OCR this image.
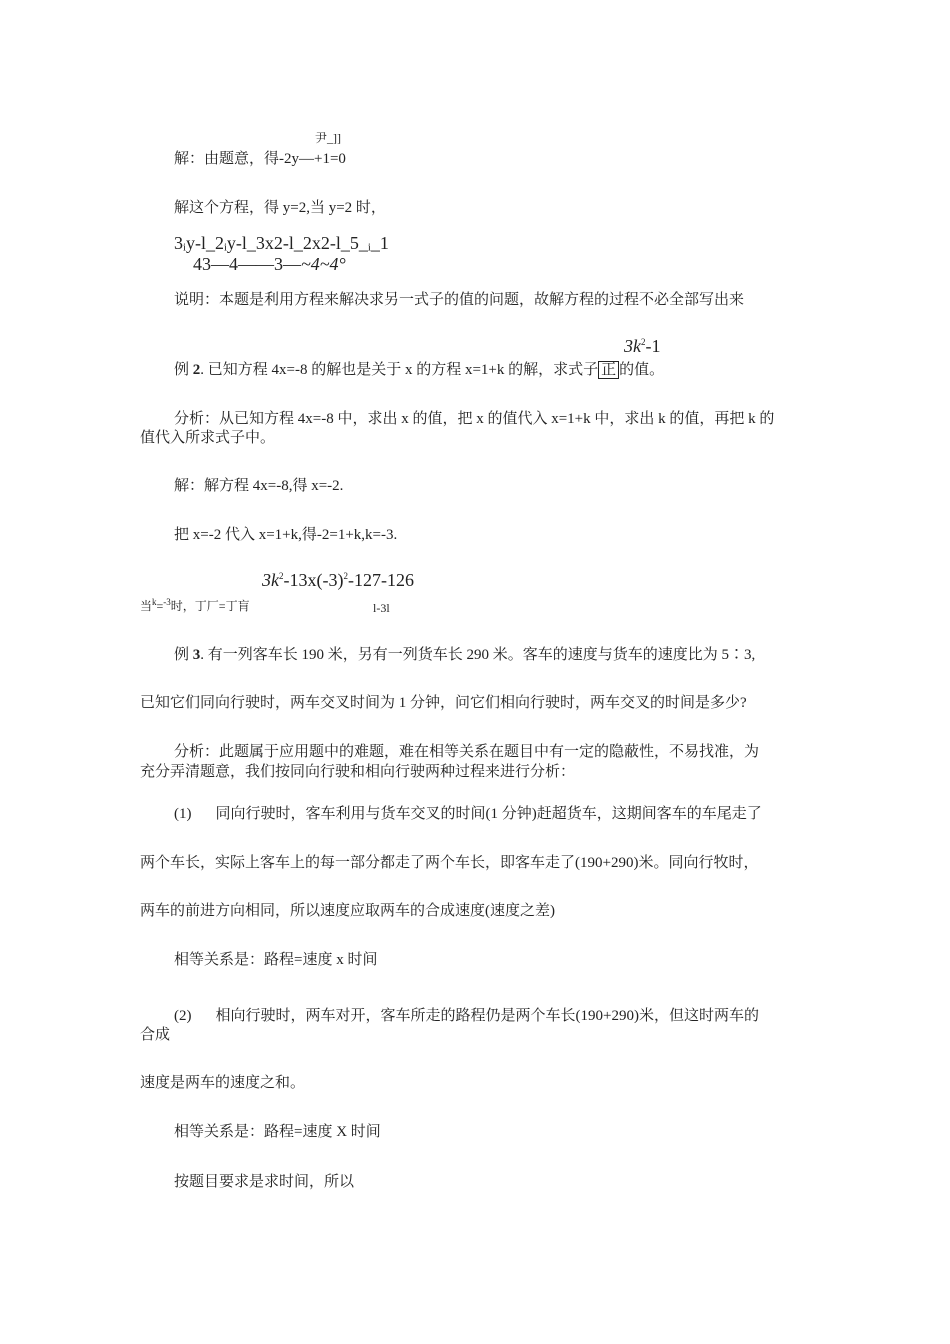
尹_]]
解：由题意，得-2y—+1=0
解这个方程，得 y=2,当 y=2 时，
3ᵢy-l_2ᵢy-l_3x2-l_2x2-l_5_ᵢ_1
43—4——3—~4~4°
说明：本题是利用方程来解决求另一式子的值的问题，故解方程的过程不必全部写出来
$3k^2-1$
例 2. 已知方程 4x=-8 的解也是关于 x 的方程 x=1+k 的解，求式子 正 的值。
分析：从已知方程 4x=-8 中，求出 x 的值，把 x 的值代入 x=1+k 中，求出 k 的值，再把 k 的
值代入所求式子中。
解：解方程 4x=-8,得 x=-2.
把 x=-2 代入 x=1+k,得-2=1+k,k=-3.
$3k^2-13x(-3)^2-127-126$
当$^k$=$^{-3}$时，丁厂=丁肓	l-3l
例 3. 有一列客车长 190 米，另有一列货车长 290 米。客车的速度与货车的速度比为 5∶3,
已知它们同向行驶时，两车交叉时间为 1 分钟，问它们相向行驶时，两车交叉的时间是多少?
分析：此题属于应用题中的难题，难在相等关系在题目中有一定的隐蔽性，不易找准，为
充分弄清题意，我们按同向行驶和相向行驶两种过程来进行分析：
(1) 同向行驶时，客车利用与货车交叉的时间(1 分钟)赶超货车，这期间客车的车尾走了
两个车长，实际上客车上的每一部分都走了两个车长，即客车走了(190+290)米。同向行牧时，
两车的前进方向相同，所以速度应取两车的合成速度(速度之差)
相等关系是：路程=速度 x 时间
(2) 相向行驶时，两车对开，客车所走的路程仍是两个车长(190+290)米，但这时两车的
合成
速度是两车的速度之和。
相等关系是：路程=速度 X 时间
按题目要求是求时间，所以
